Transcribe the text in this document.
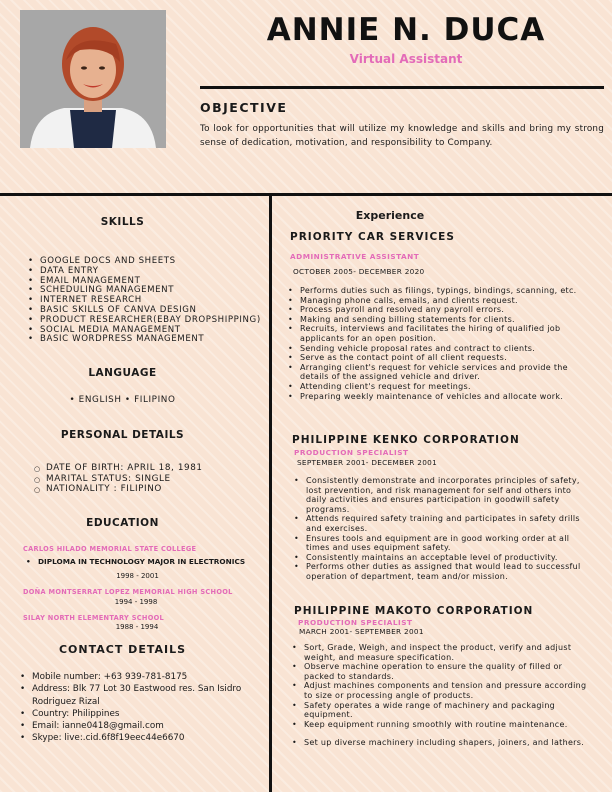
ANNIE N. DUCA
Virtual Assistant
OBJECTIVE
To look for opportunities that will utilize my knowledge and skills and bring my strong sense of dedication, motivation, and responsibility to Company.
SKILLS
• GOOGLE DOCS AND SHEETS
• DATA ENTRY
• EMAIL MANAGEMENT
• SCHEDULING MANAGEMENT
• INTERNET RESEARCH
• BASIC SKILLS OF CANVA DESIGN
• PRODUCT RESEARCHER(EBAY DROPSHIPPING)
• SOCIAL MEDIA MANAGEMENT
• BASIC WORDPRESS MANAGEMENT
LANGUAGE
• ENGLISH • FILIPINO
PERSONAL DETAILS
○ DATE OF BIRTH: APRIL 18, 1981
○ MARITAL STATUS: SINGLE
○ NATIONALITY : FILIPINO
EDUCATION
CARLOS HILADO MEMORIAL STATE COLLEGE
• DIPLOMA IN TECHNOLOGY MAJOR IN ELECTRONICS
1998 - 2001
DOÑA MONTSERRAT LOPEZ MEMORIAL HIGH SCHOOL
1994 - 1998
SILAY NORTH ELEMENTARY SCHOOL
1988 - 1994
CONTACT DETAILS
• Mobile number: +63 939-781-8175
• Address: Blk 77 Lot 30 Eastwood res. San Isidro Rodriguez Rizal
• Country: Philippines
• Email: ianne0418@gmail.com
• Skype: live:.cid.6f8f19eec44e6670
Experience
PRIORITY CAR SERVICES
ADMINISTRATIVE ASSISTANT
OCTOBER 2005- DECEMBER 2020
• Performs duties such as filings, typings, bindings, scanning, etc.
• Managing phone calls, emails, and clients request.
• Process payroll and resolved any payroll errors.
• Making and sending billing statements for clients.
• Recruits, interviews and facilitates the hiring of qualified job applicants for an open position.
• Sending vehicle proposal rates and contract to clients.
• Serve as the contact point of all client requests.
• Arranging client's request for vehicle services and provide the details of the assigned vehicle and driver.
• Attending client's request for meetings.
• Preparing weekly maintenance of vehicles and allocate work.
PHILIPPINE KENKO CORPORATION
PRODUCTION SPECIALIST
SEPTEMBER 2001- DECEMBER 2001
• Consistently demonstrate and incorporates principles of safety, lost prevention, and risk management for self and others into daily activities and ensures participation in goodwill safety programs.
• Attends required safety training and participates in safety drills and exercises.
• Ensures tools and equipment are in good working order at all times and uses equipment safety.
• Consistently maintains an acceptable level of productivity.
• Performs other duties as assigned that would lead to successful operation of department, team and/or mission.
PHILIPPINE MAKOTO CORPORATION
PRODUCTION SPECIALIST
MARCH 2001- SEPTEMBER 2001
• Sort, Grade, Weigh, and inspect the product, verify and adjust weight, and measure specification.
• Observe machine operation to ensure the quality of filled or packed to standards.
• Adjust machines components and tension and pressure according to size or processing angle of products.
• Safety operates a wide range of machinery and packaging equipment.
• Keep equipment running smoothly with routine maintenance.
• Set up diverse machinery including shapers, joiners, and lathers.
